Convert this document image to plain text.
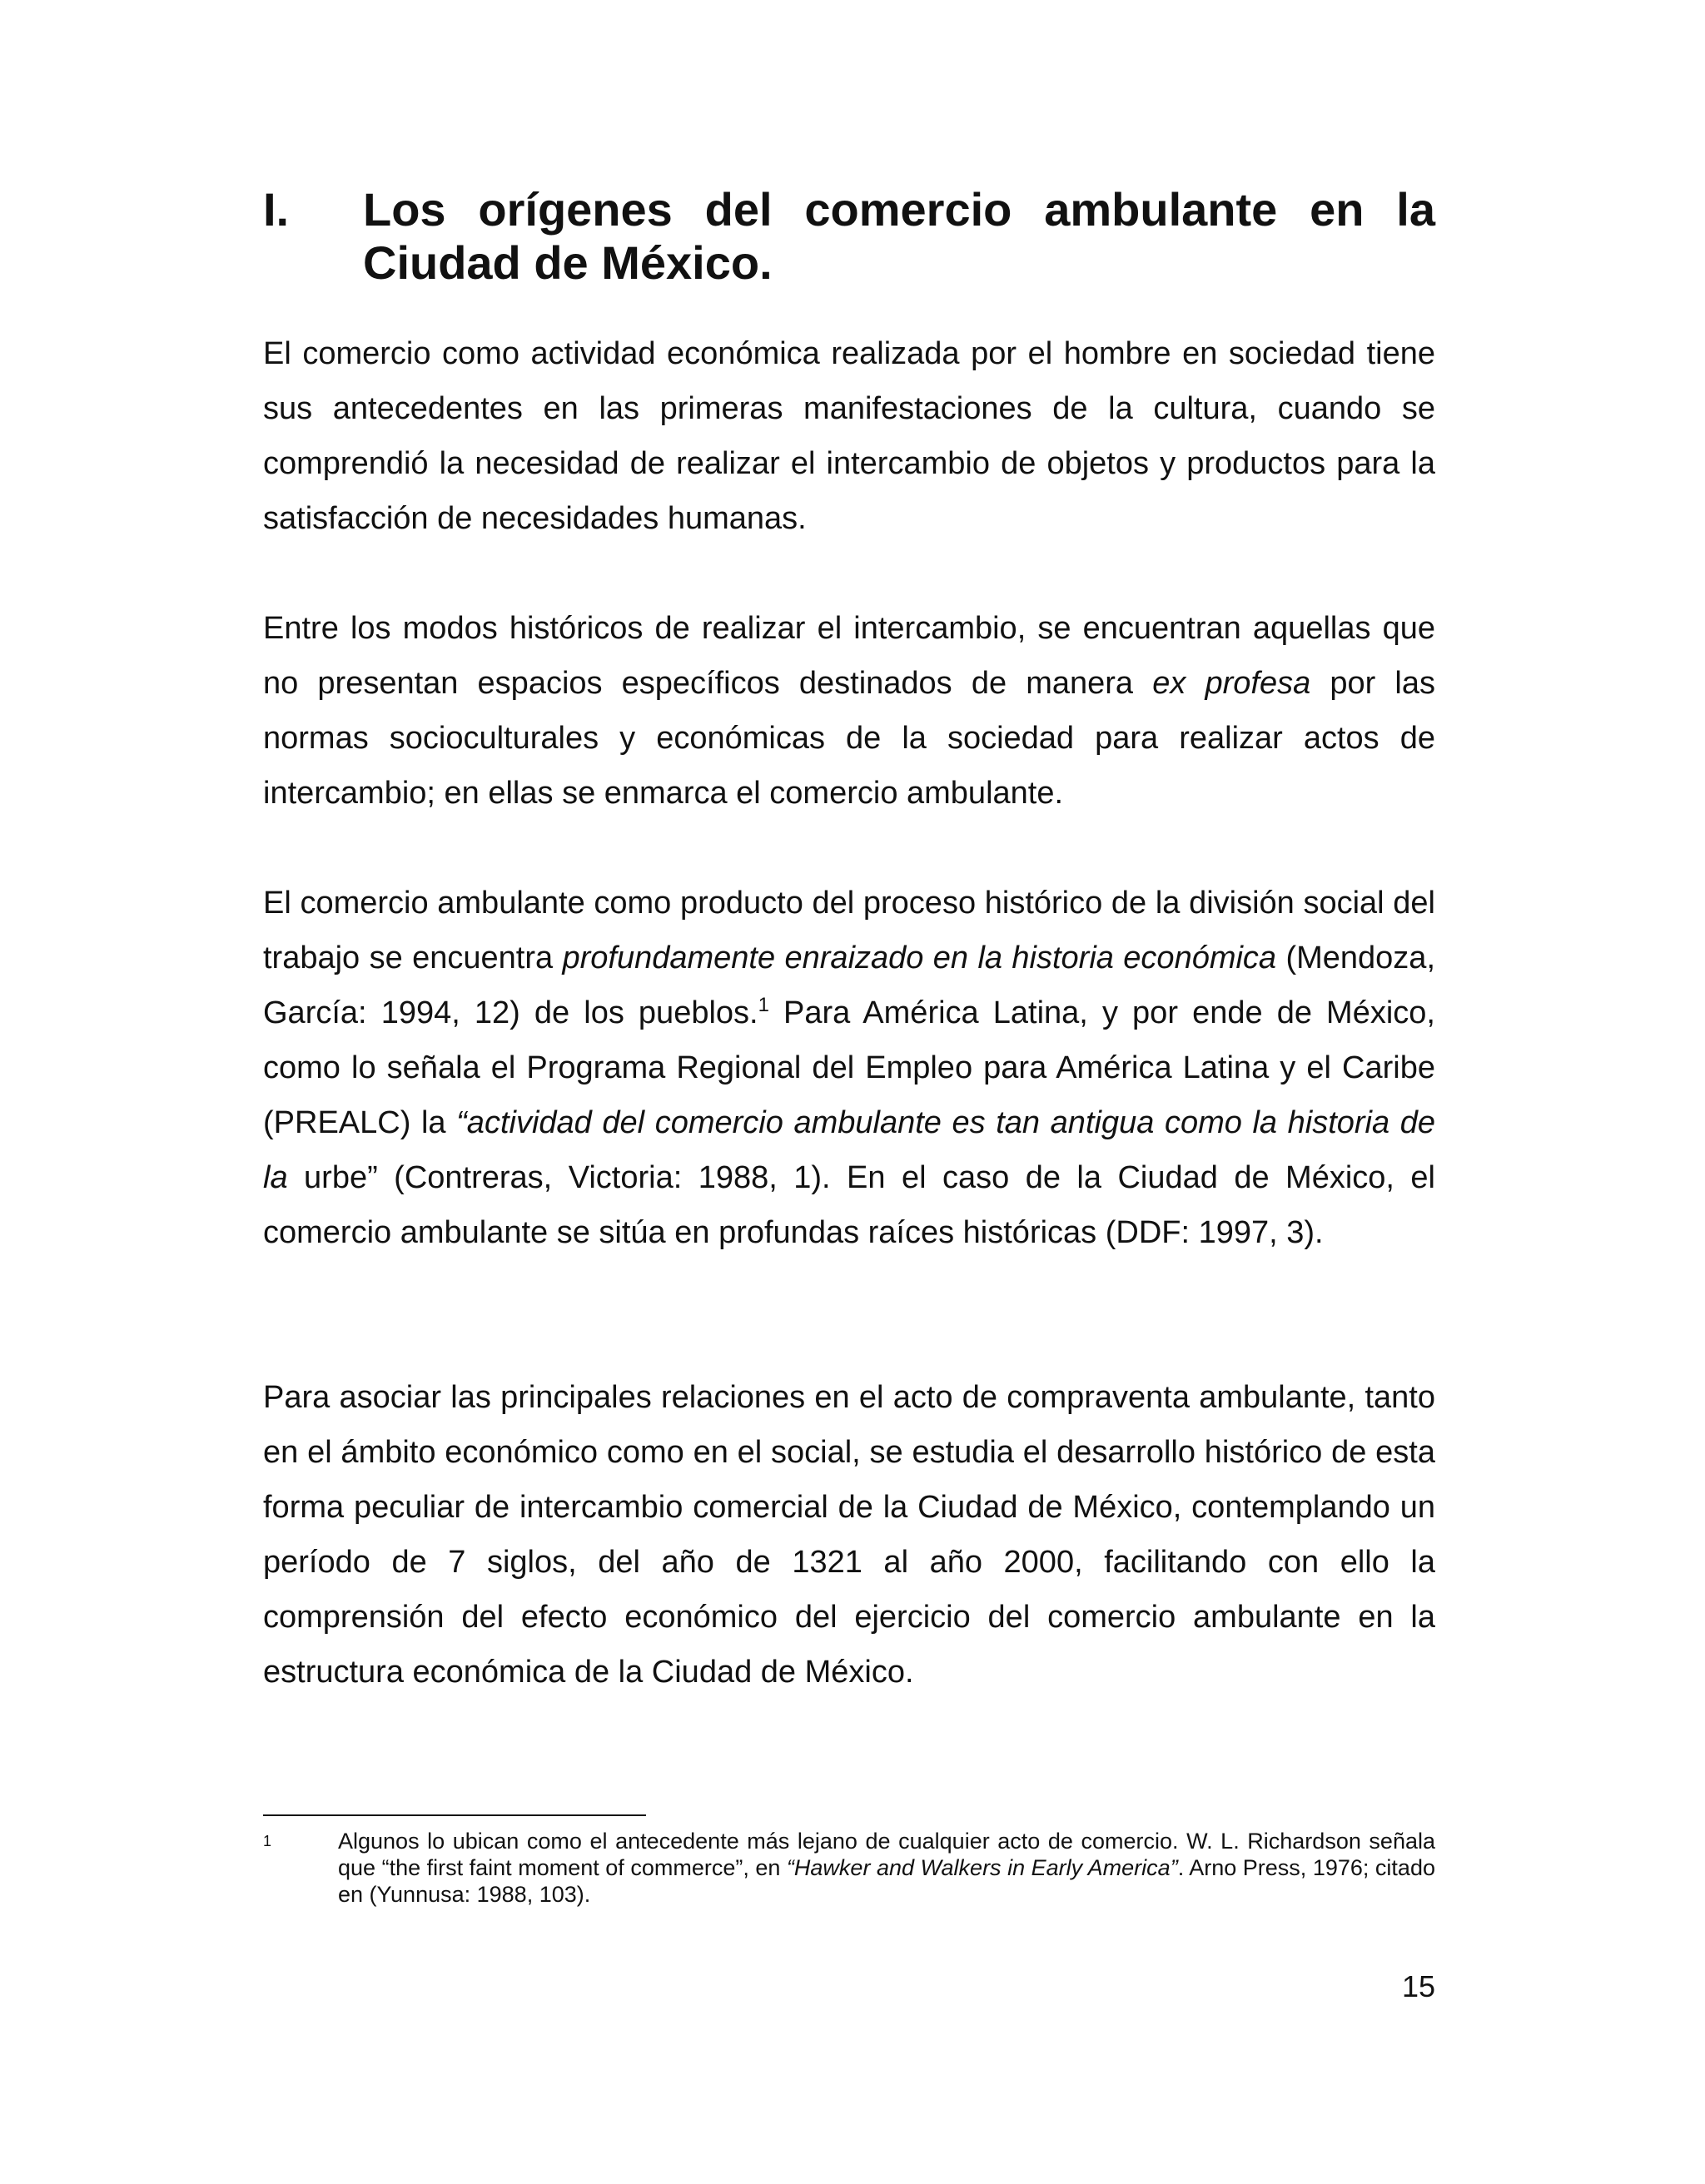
I. Los orígenes del comercio ambulante en la Ciudad de México.

El comercio como actividad económica realizada por el hombre en sociedad tiene sus antecedentes en las primeras manifestaciones de la cultura, cuando se comprendió la necesidad de realizar el intercambio de objetos y productos para la satisfacción de necesidades humanas.

Entre los modos históricos de realizar el intercambio, se encuentran aquellas que no presentan espacios específicos destinados de manera ex profesa por las normas socioculturales y económicas de la sociedad para realizar actos de intercambio; en ellas se enmarca el comercio ambulante.

El comercio ambulante como producto del proceso histórico de la división social del trabajo se encuentra profundamente enraizado en la historia económica (Mendoza, García: 1994, 12) de los pueblos.$^1$ Para América Latina, y por ende de México, como lo señala el Programa Regional del Empleo para América Latina y el Caribe (PREALC) la “actividad del comercio ambulante es tan antigua como la historia de la urbe” (Contreras, Victoria: 1988, 1). En el caso de la Ciudad de México, el comercio ambulante se sitúa en profundas raíces históricas (DDF: 1997, 3).

Para asociar las principales relaciones en el acto de compraventa ambulante, tanto en el ámbito económico como en el social, se estudia el desarrollo histórico de esta forma peculiar de intercambio comercial de la Ciudad de México, contemplando un período de 7 siglos, del año de 1321 al año 2000, facilitando con ello la comprensión del efecto económico del ejercicio del comercio ambulante en la estructura económica de la Ciudad de México.

1	Algunos lo ubican como el antecedente más lejano de cualquier acto de comercio. W. L. Richardson señala que “the first faint moment of commerce”, en “Hawker and Walkers in Early America”. Arno Press, 1976; citado en (Yunnusa: 1988, 103).
15
